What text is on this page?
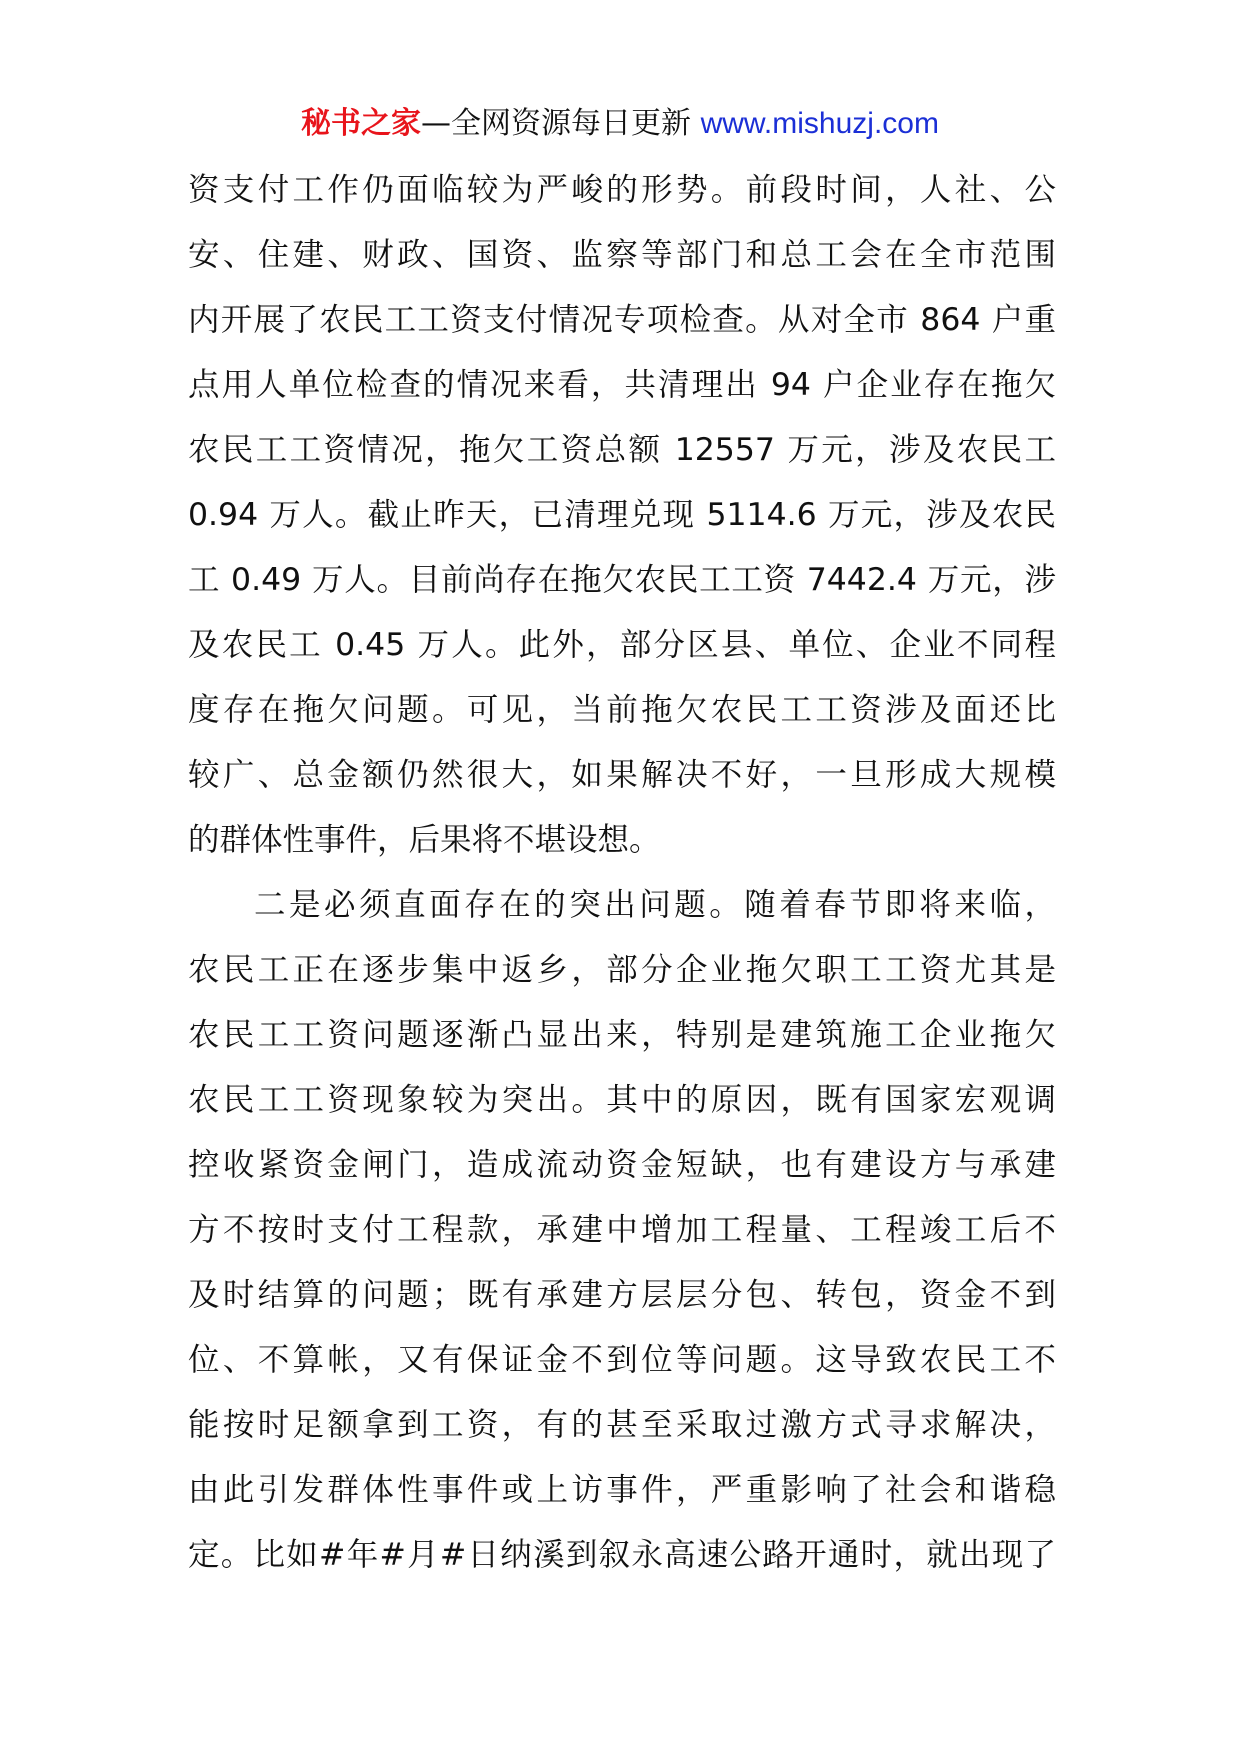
秘书之家—全网资源每日更新 www.mishuzj.com
资支付工作仍面临较为严峻的形势。前段时间，人社、公
安、住建、财政、国资、监察等部门和总工会在全市范围
内开展了农民工工资支付情况专项检查。从对全市 864 户重
点用人单位检查的情况来看，共清理出 94 户企业存在拖欠
农民工工资情况，拖欠工资总额 12557 万元，涉及农民工
0.94 万人。截止昨天，已清理兑现 5114.6 万元，涉及农民
工 0.49 万人。目前尚存在拖欠农民工工资 7442.4 万元，涉
及农民工 0.45 万人。此外，部分区县、单位、企业不同程
度存在拖欠问题。可见，当前拖欠农民工工资涉及面还比
较广、总金额仍然很大，如果解决不好，一旦形成大规模
的群体性事件，后果将不堪设想。
二是必须直面存在的突出问题。随着春节即将来临，
农民工正在逐步集中返乡，部分企业拖欠职工工资尤其是
农民工工资问题逐渐凸显出来，特别是建筑施工企业拖欠
农民工工资现象较为突出。其中的原因，既有国家宏观调
控收紧资金闸门，造成流动资金短缺，也有建设方与承建
方不按时支付工程款，承建中增加工程量、工程竣工后不
及时结算的问题；既有承建方层层分包、转包，资金不到
位、不算帐，又有保证金不到位等问题。这导致农民工不
能按时足额拿到工资，有的甚至采取过激方式寻求解决，
由此引发群体性事件或上访事件，严重影响了社会和谐稳
定。比如#年#月#日纳溪到叙永高速公路开通时，就出现了
